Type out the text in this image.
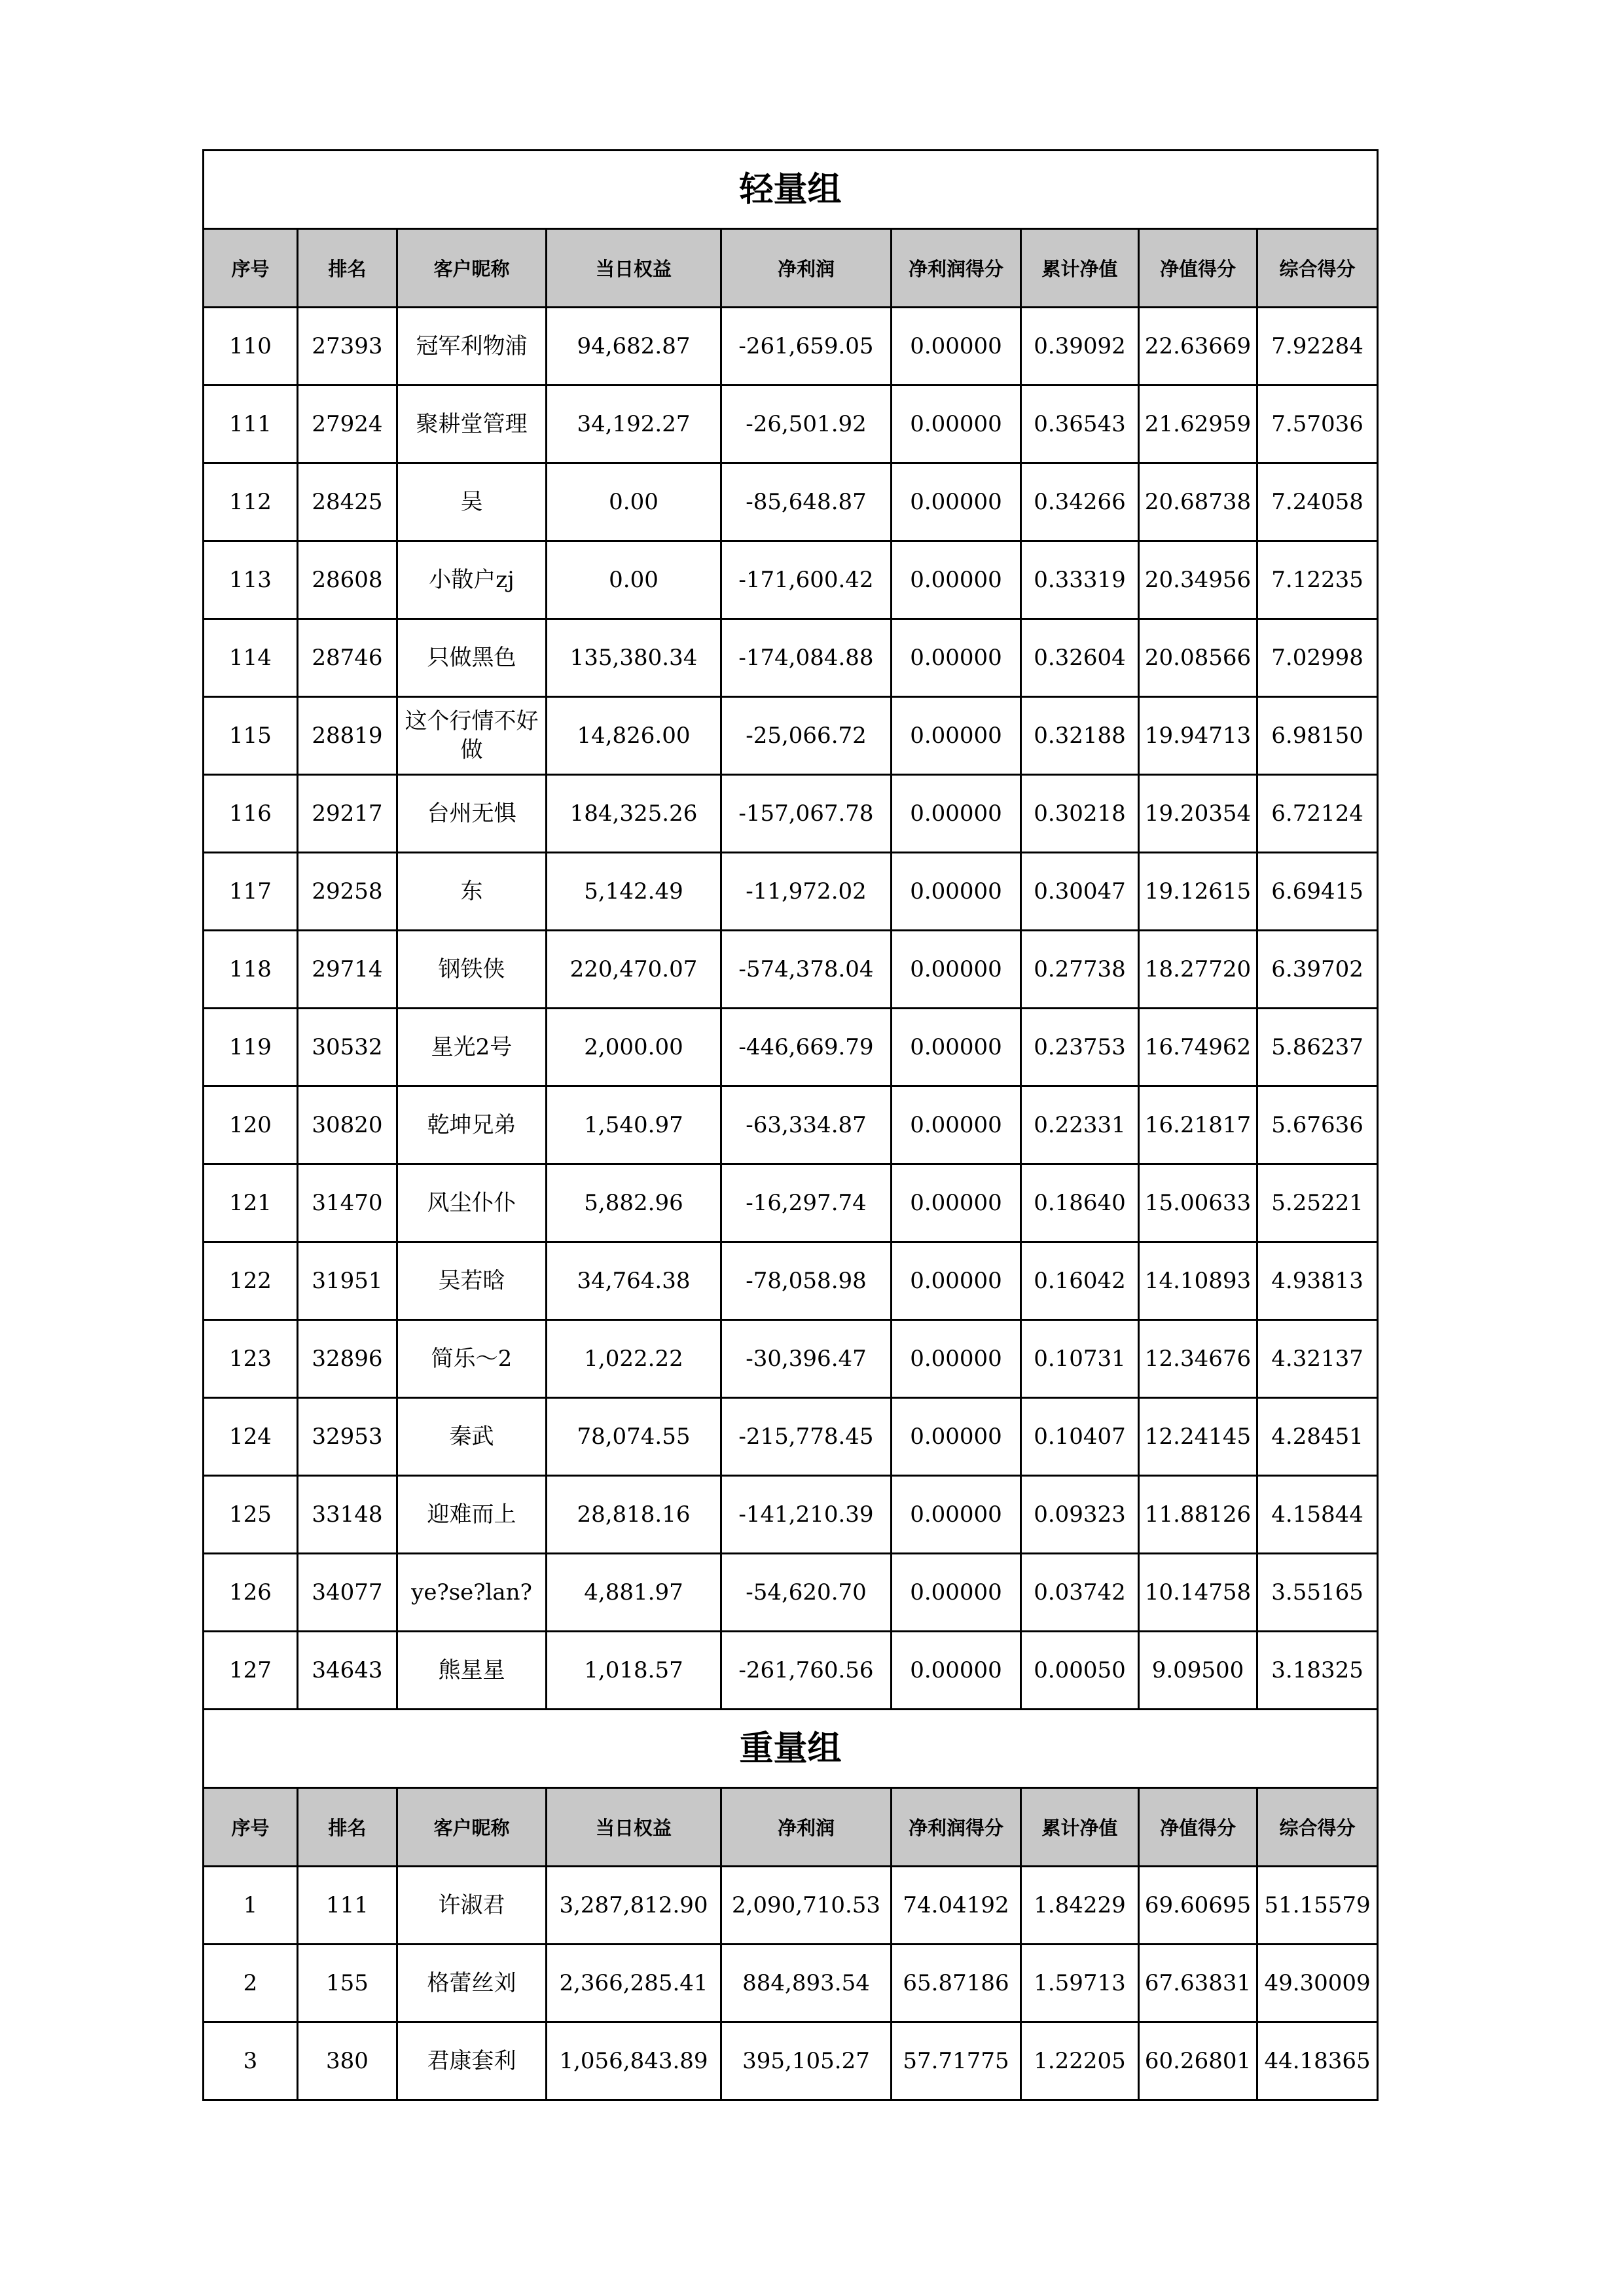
轻量组								
序号	排名	客户昵称	当日权益	净利润	净利润得分	累计净值	净值得分	综合得分
110	27393	冠军利物浦	94,682.87	-261,659.05	0.00000	0.39092	22.63669	7.92284
111	27924	聚耕堂管理	34,192.27	-26,501.92	0.00000	0.36543	21.62959	7.57036
112	28425	吴	0.00	-85,648.87	0.00000	0.34266	20.68738	7.24058
113	28608	小散户zj	0.00	-171,600.42	0.00000	0.33319	20.34956	7.12235
114	28746	只做黑色	135,380.34	-174,084.88	0.00000	0.32604	20.08566	7.02998
115	28819	这个行情不好做	14,826.00	-25,066.72	0.00000	0.32188	19.94713	6.98150
116	29217	台州无惧	184,325.26	-157,067.78	0.00000	0.30218	19.20354	6.72124
117	29258	东	5,142.49	-11,972.02	0.00000	0.30047	19.12615	6.69415
118	29714	钢铁侠	220,470.07	-574,378.04	0.00000	0.27738	18.27720	6.39702
119	30532	星光2号	2,000.00	-446,669.79	0.00000	0.23753	16.74962	5.86237
120	30820	乾坤兄弟	1,540.97	-63,334.87	0.00000	0.22331	16.21817	5.67636
121	31470	风尘仆仆	5,882.96	-16,297.74	0.00000	0.18640	15.00633	5.25221
122	31951	吴若晗	34,764.38	-78,058.98	0.00000	0.16042	14.10893	4.93813
123	32896	简乐～2	1,022.22	-30,396.47	0.00000	0.10731	12.34676	4.32137
124	32953	秦武	78,074.55	-215,778.45	0.00000	0.10407	12.24145	4.28451
125	33148	迎难而上	28,818.16	-141,210.39	0.00000	0.09323	11.88126	4.15844
126	34077	ye?se?lan?	4,881.97	-54,620.70	0.00000	0.03742	10.14758	3.55165
127	34643	熊星星	1,018.57	-261,760.56	0.00000	0.00050	9.09500	3.18325
重量组								
序号	排名	客户昵称	当日权益	净利润	净利润得分	累计净值	净值得分	综合得分
1	111	许淑君	3,287,812.90	2,090,710.53	74.04192	1.84229	69.60695	51.15579
2	155	格蕾丝刘	2,366,285.41	884,893.54	65.87186	1.59713	67.63831	49.30009
3	380	君康套利	1,056,843.89	395,105.27	57.71775	1.22205	60.26801	44.18365
